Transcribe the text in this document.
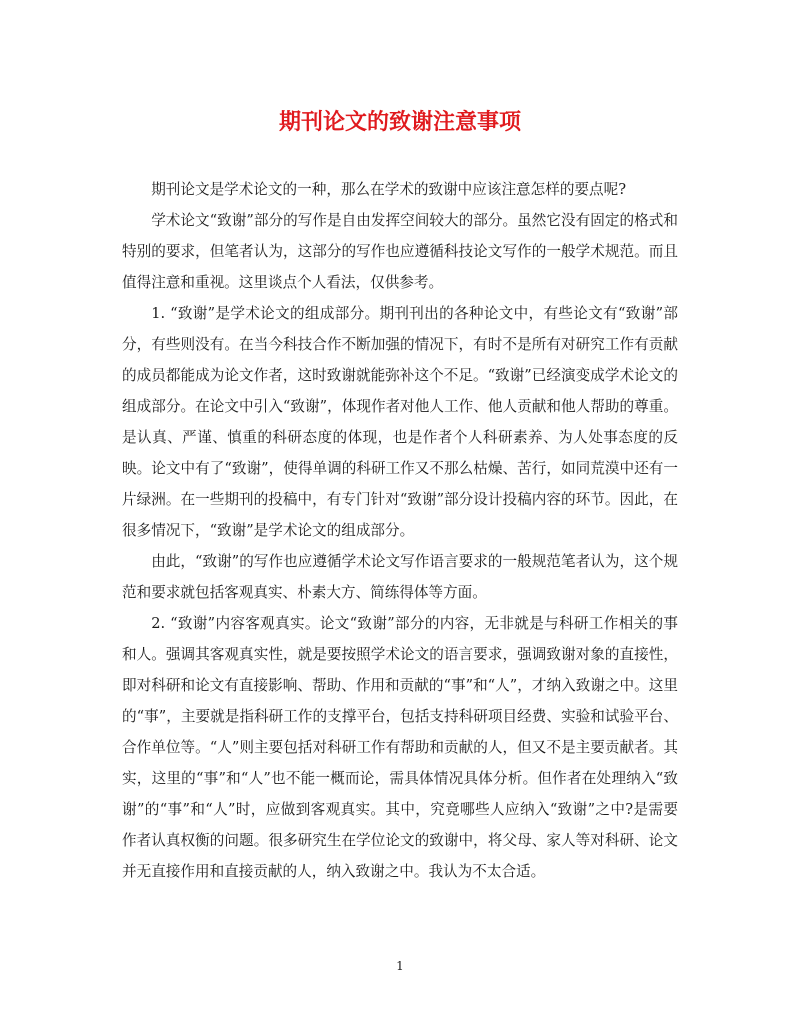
期刊论文的致谢注意事项

期刊论文是学术论文的一种，那么在学术的致谢中应该注意怎样的要点呢?

学术论文“致谢”部分的写作是自由发挥空间较大的部分。虽然它没有固定的格式和特别的要求，但笔者认为，这部分的写作也应遵循科技论文写作的一般学术规范。而且值得注意和重视。这里谈点个人看法，仅供参考。

1. “致谢”是学术论文的组成部分。期刊刊出的各种论文中，有些论文有“致谢”部分，有些则没有。在当今科技合作不断加强的情况下，有时不是所有对研究工作有贡献的成员都能成为论文作者，这时致谢就能弥补这个不足。“致谢”已经演变成学术论文的组成部分。在论文中引入“致谢”，体现作者对他人工作、他人贡献和他人帮助的尊重。是认真、严谨、慎重的科研态度的体现，也是作者个人科研素养、为人处事态度的反映。论文中有了“致谢”，使得单调的科研工作又不那么枯燥、苦行，如同荒漠中还有一片绿洲。在一些期刊的投稿中，有专门针对“致谢”部分设计投稿内容的环节。因此，在很多情况下，“致谢”是学术论文的组成部分。

由此，“致谢”的写作也应遵循学术论文写作语言要求的一般规范笔者认为，这个规范和要求就包括客观真实、朴素大方、简练得体等方面。

2. “致谢”内容客观真实。论文“致谢”部分的内容，无非就是与科研工作相关的事和人。强调其客观真实性，就是要按照学术论文的语言要求，强调致谢对象的直接性，即对科研和论文有直接影响、帮助、作用和贡献的“事”和“人”，才纳入致谢之中。这里的“事”，主要就是指科研工作的支撑平台，包括支持科研项目经费、实验和试验平台、合作单位等。“人”则主要包括对科研工作有帮助和贡献的人，但又不是主要贡献者。其实，这里的“事”和“人”也不能一概而论，需具体情况具体分析。但作者在处理纳入“致谢”的“事”和“人”时，应做到客观真实。其中，究竟哪些人应纳入“致谢”之中?是需要作者认真权衡的问题。很多研究生在学位论文的致谢中，将父母、家人等对科研、论文并无直接作用和直接贡献的人，纳入致谢之中。我认为不太合适。

1
